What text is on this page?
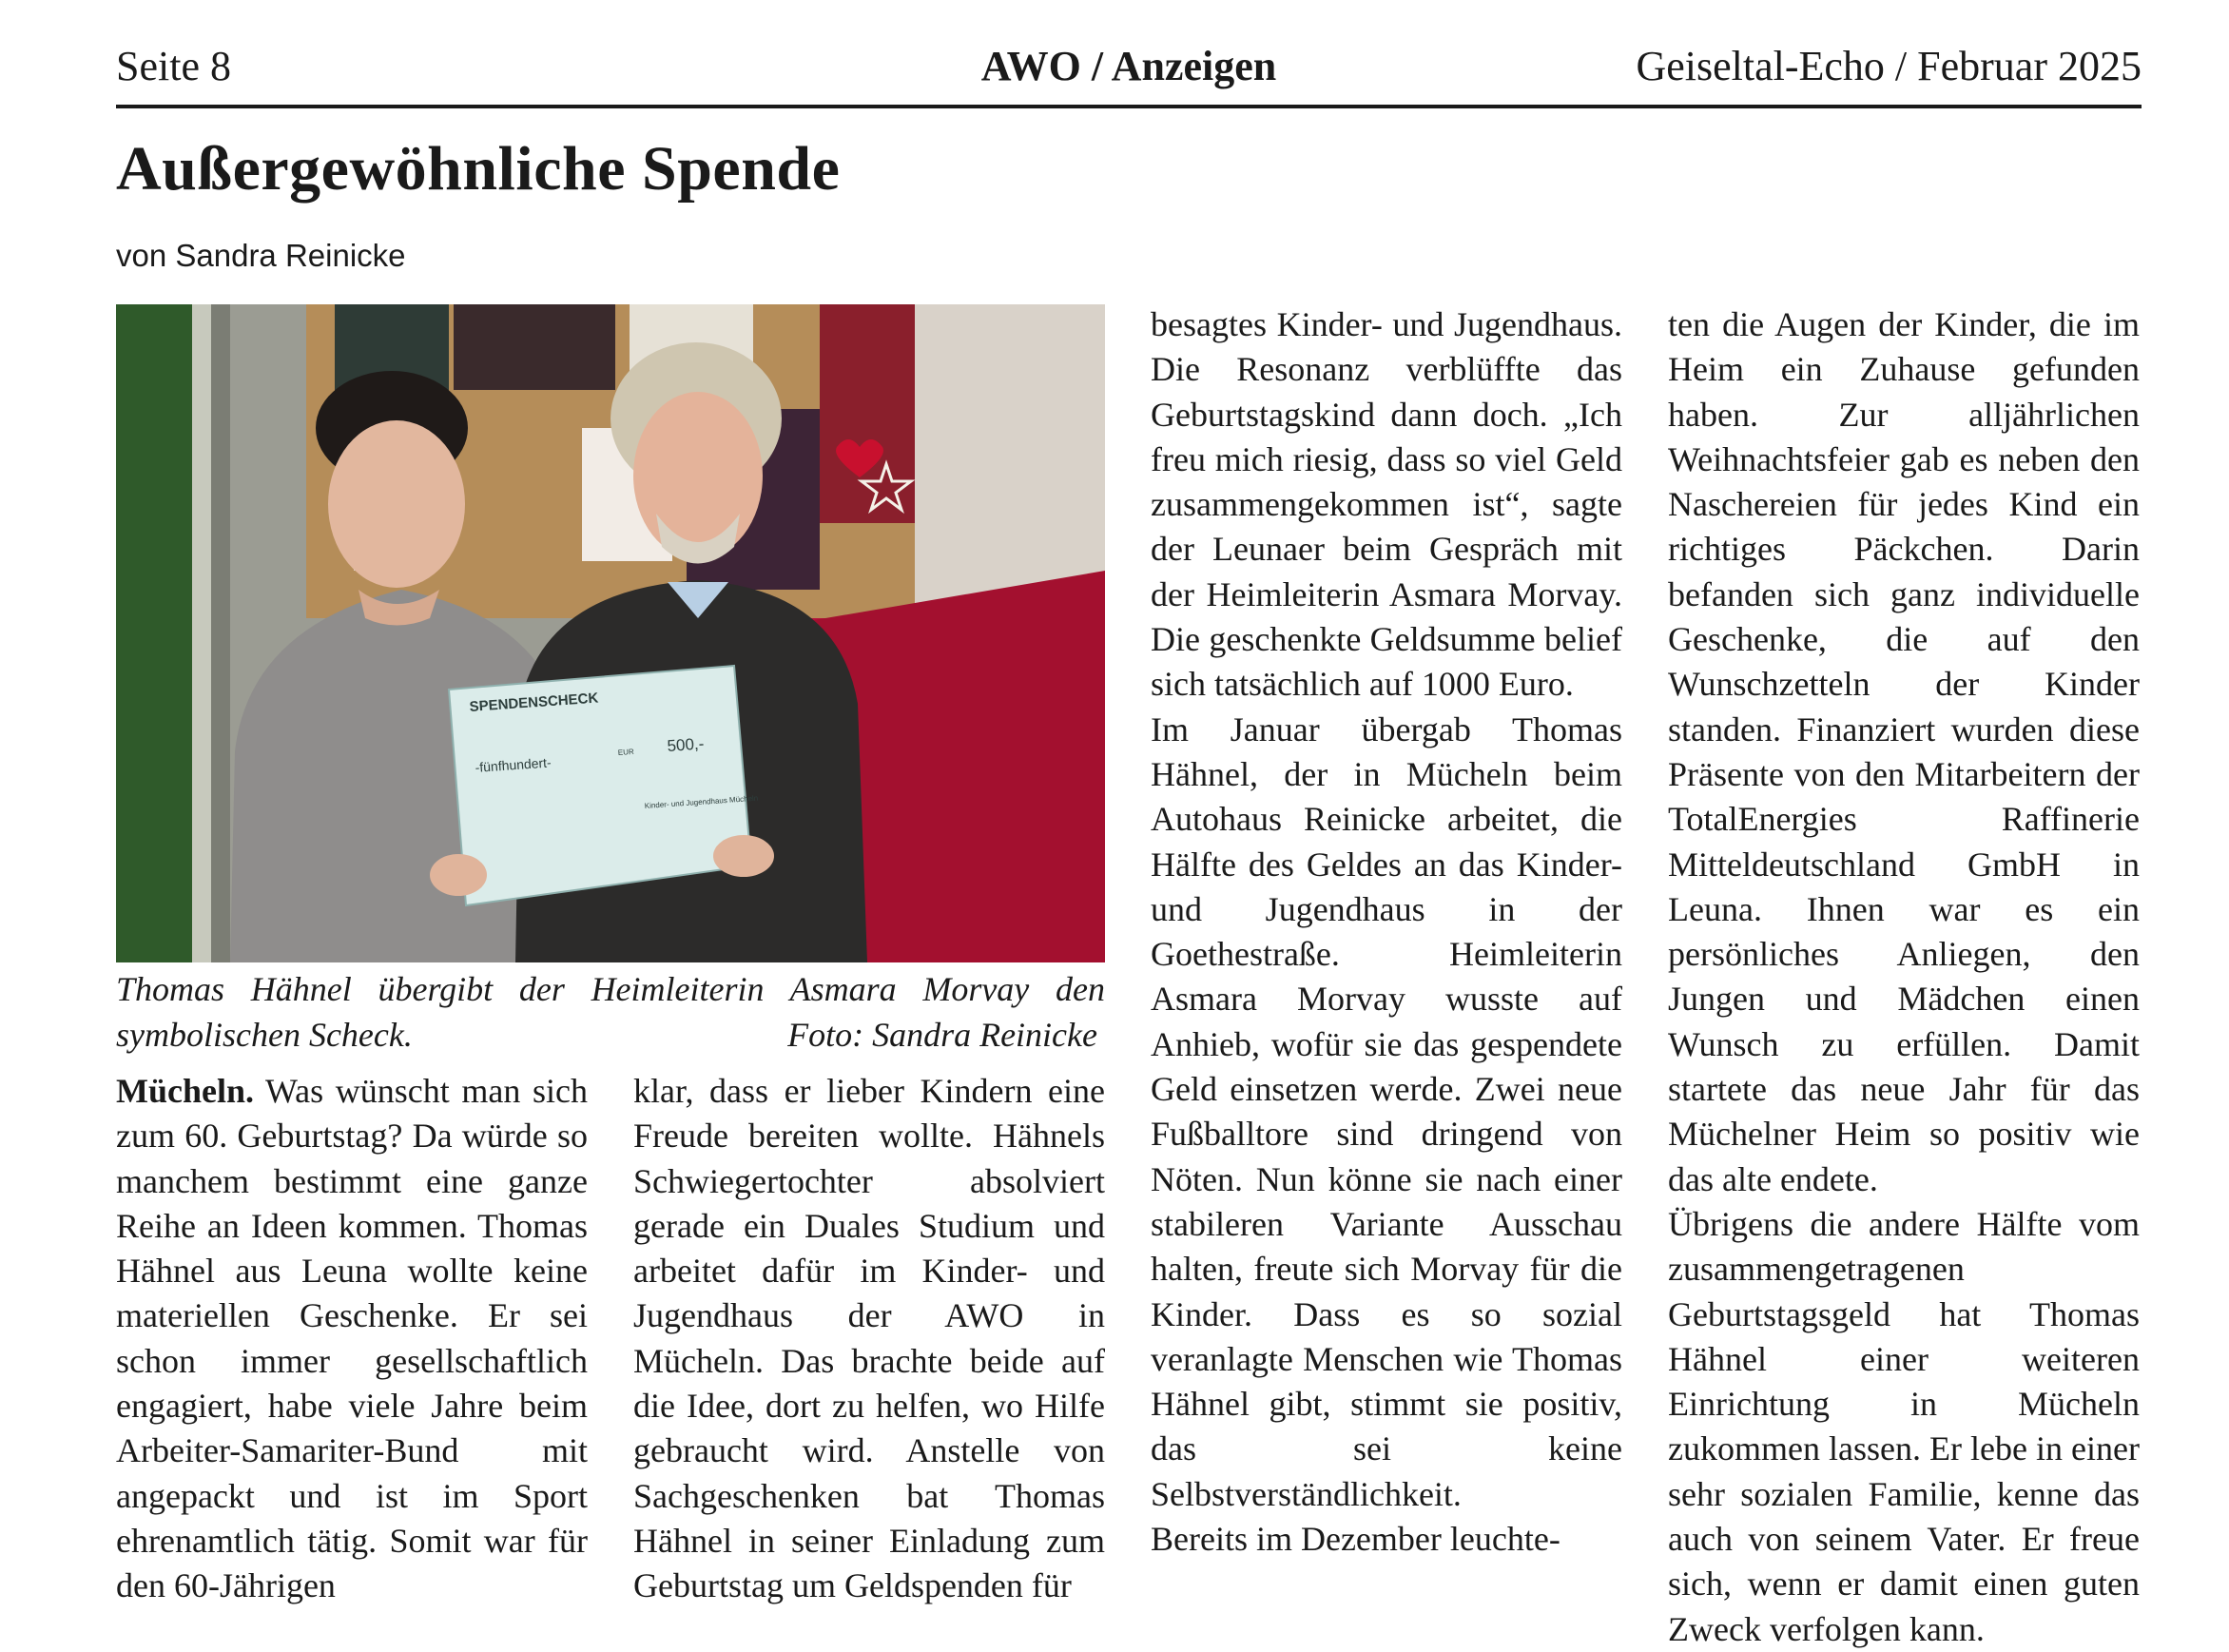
Seite 8	AWO / Anzeigen	Geiseltal-Echo / Februar 2025
Außergewöhnliche Spende
von Sandra Reinicke
SPENDENSCHECK
-fünfhundert-
EUR 500,-
Kinder- und Jugendhaus Mücheln
Thomas Hähnel übergibt der Heimleiterin Asmara Morvay den symbolischen Scheck.	Foto: Sandra Reinicke

Mücheln. Was wünscht man sich zum 60. Geburtstag? Da würde so manchem bestimmt eine ganze Reihe an Ideen kommen. Thomas Hähnel aus Leuna wollte keine materiellen Geschenke. Er sei schon immer gesellschaftlich engagiert, habe viele Jahre beim Arbeiter-Samariter-Bund mit angepackt und ist im Sport ehrenamtlich tätig. Somit war für den 60-Jährigen

klar, dass er lieber Kindern eine Freude bereiten wollte. Hähnels Schwiegertochter absolviert gerade ein Duales Studium und arbeitet dafür im Kinder- und Jugendhaus der AWO in Mücheln. Das brachte beide auf die Idee, dort zu helfen, wo Hilfe gebraucht wird. Anstelle von Sachgeschenken bat Thomas Hähnel in seiner Einladung zum Geburtstag um Geldspenden für

besagtes Kinder- und Jugendhaus. Die Resonanz verblüffte das Geburtstagskind dann doch. „Ich freu mich riesig, dass so viel Geld zusammengekommen ist“, sagte der Leunaer beim Gespräch mit der Heimleiterin Asmara Morvay. Die geschenkte Geldsumme belief sich tatsächlich auf 1000 Euro.

Im Januar übergab Thomas Hähnel, der in Mücheln beim Autohaus Reinicke arbeitet, die Hälfte des Geldes an das Kinder- und Jugendhaus in der Goethestraße. Heimleiterin Asmara Morvay wusste auf Anhieb, wofür sie das gespendete Geld einsetzen werde. Zwei neue Fußballtore sind dringend von Nöten. Nun könne sie nach einer stabileren Variante Ausschau halten, freute sich Morvay für die Kinder. Dass es so sozial veranlagte Menschen wie Thomas Hähnel gibt, stimmt sie positiv, das sei keine Selbstverständlichkeit.

Bereits im Dezember leuchte-

ten die Augen der Kinder, die im Heim ein Zuhause gefunden haben. Zur alljährlichen Weihnachtsfeier gab es neben den Naschereien für jedes Kind ein richtiges Päckchen. Darin befanden sich ganz individuelle Geschenke, die auf den Wunschzetteln der Kinder standen. Finanziert wurden diese Präsente von den Mitarbeitern der TotalEnergies Raffinerie Mitteldeutschland GmbH in Leuna. Ihnen war es ein persönliches Anliegen, den Jungen und Mädchen einen Wunsch zu erfüllen. Damit startete das neue Jahr für das Müchelner Heim so positiv wie das alte endete.

Übrigens die andere Hälfte vom zusammengetragenen Geburtstagsgeld hat Thomas Hähnel einer weiteren Einrichtung in Mücheln zukommen lassen. Er lebe in einer sehr sozialen Familie, kenne das auch von seinem Vater. Er freue sich, wenn er damit einen guten Zweck verfolgen kann.
